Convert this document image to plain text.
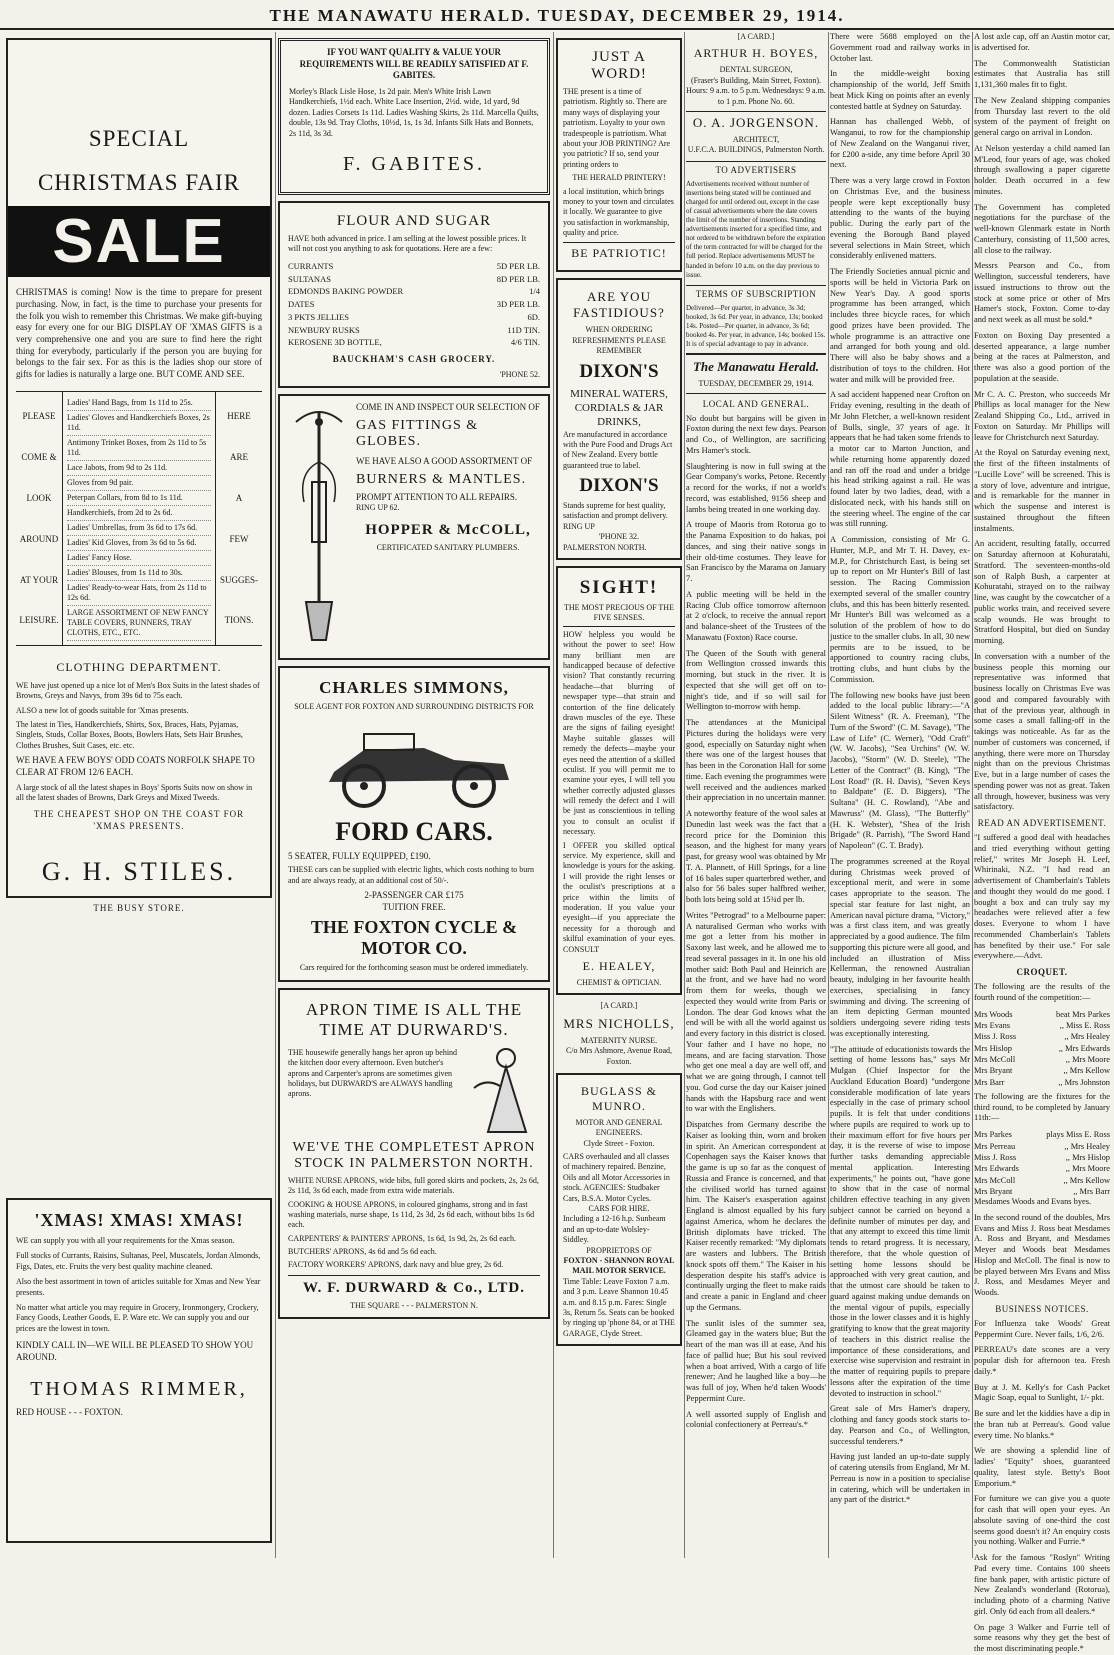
THE MANAWATU HERALD. TUESDAY, DECEMBER 29, 1914.
SPECIAL
CHRISTMAS FAIR
SALE

CHRISTMAS is coming! Now is the time to prepare for present purchasing. Now, in fact, is the time to purchase your presents for the folk you wish to remember this Christmas. We make gift-buying easy for every one for our BIG DISPLAY OF 'XMAS GIFTS is a very comprehensive one and you are sure to find here the right thing for everybody, particularly if the person you are buying for belongs to the fair sex. For as this is the ladies shop our store of gifts for ladies is naturally a large one. BUT COME AND SEE.

PLEASE
COME &
LOOK
AROUND
AT YOUR
LEISURE.
Ladies' Hand Bags, from 1s 11d to 25s.
Ladies' Gloves and Handkerchiefs Boxes, 2s 11d.
Antimony Trinket Boxes, from 2s 11d to 5s 11d.
Lace Jabots, from 9d to 2s 11d.
Gloves from 9d pair.
Peterpan Collars, from 8d to 1s 11d.
Handkerchiefs, from 2d to 2s 6d.
Ladies' Umbrellas, from 3s 6d to 17s 6d.
Ladies' Kid Gloves, from 3s 6d to 5s 6d.
Ladies' Fancy Hose.
Ladies' Blouses, from 1s 11d to 30s.
Ladies' Ready-to-wear Hats, from 2s 11d to 12s 6d.
LARGE ASSORTMENT OF NEW FANCY TABLE COVERS, RUNNERS, TRAY CLOTHS, ETC., ETC.
HERE
ARE
A
FEW
SUGGES-
TIONS.
CLOTHING DEPARTMENT.

WE have just opened up a nice lot of Men's Box Suits in the latest shades of Browns, Greys and Navys, from 39s 6d to 75s each.

ALSO a new lot of goods suitable for 'Xmas presents.

The latest in Ties, Handkerchiefs, Shirts, Sox, Braces, Hats, Pyjamas, Singlets, Studs, Collar Boxes, Boots, Bowlers Hats, Sets Hair Brushes, Clothes Brushes, Suit Cases, etc. etc.

WE HAVE A FEW BOYS' ODD COATS NORFOLK SHAPE TO CLEAR AT FROM 12/6 EACH.

A large stock of all the latest shapes in Boys' Sports Suits now on show in all the latest shades of Browns, Dark Greys and Mixed Tweeds.

THE CHEAPEST SHOP ON THE COAST FOR 'XMAS PRESENTS.

G. H. STILES.
THE BUSY STORE.
'XMAS! XMAS! XMAS!

WE can supply you with all your requirements for the Xmas season.

Full stocks of Currants, Raisins, Sultanas, Peel, Muscatels, Jordan Almonds, Figs, Dates, etc. Fruits the very best quality machine cleaned.

Also the best assortment in town of articles suitable for Xmas and New Year presents.

No matter what article you may require in Grocery, Ironmongery, Crockery, Fancy Goods, Leather Goods, E. P. Ware etc. We can supply you and our prices are the lowest in town.

KINDLY CALL IN—WE WILL BE PLEASED TO SHOW YOU AROUND.

THOMAS RIMMER,
RED HOUSE - - - FOXTON.

IF YOU WANT QUALITY & VALUE YOUR REQUIREMENTS WILL BE READILY SATISFIED AT F. GABITES.

Morley's Black Lisle Hose, 1s 2d pair. Men's White Irish Lawn Handkerchiefs, 1½d each. White Lace Insertion, 2½d. wide, 1d yard, 9d dozen. Ladies Corsets 1s 11d. Ladies Washing Skirts, 2s 11d. Marcella Quilts, double, 13s 9d. Tray Cloths, 10½d, 1s, 1s 3d. Infants Silk Hats and Bonnets, 2s 11d, 3s 3d.

F. GABITES.
FLOUR AND SUGAR

HAVE both advanced in price. I am selling at the lowest possible prices. It will not cost you anything to ask for quotations. Here are a few:

CURRANTS	5D PER LB.
SULTANAS	8D PER LB.
EDMONDS BAKING POWDER	1/4
DATES	3D PER LB.
3 PKTS JELLIES	6D.
NEWBURY RUSKS	11D TIN.
KEROSENE 3D BOTTLE,	4/6 TIN.
BAUCKHAM'S CASH GROCERY.
'PHONE 52.

COME IN AND INSPECT OUR SELECTION OF

GAS FITTINGS & GLOBES.

WE HAVE ALSO A GOOD ASSORTMENT OF

BURNERS & MANTLES.

PROMPT ATTENTION TO ALL REPAIRS.

RING UP 62.

HOPPER & McCOLL,

CERTIFICATED SANITARY PLUMBERS.

CHARLES SIMMONS,

SOLE AGENT FOR FOXTON AND SURROUNDING DISTRICTS FOR

FORD CARS.

5 SEATER, FULLY EQUIPPED, £190.

THESE cars can be supplied with electric lights, which costs nothing to burn and are always ready, at an additional cost of 50/-.

2-PASSENGER CAR £175

TUITION FREE.

THE FOXTON CYCLE & MOTOR CO.

Cars required for the forthcoming season must be ordered immediately.

APRON TIME IS ALL THE TIME AT DURWARD'S.

THE housewife generally hangs her apron up behind the kitchen door every afternoon. Even butcher's aprons and Carpenter's aprons are sometimes given holidays, but DURWARD'S are ALWAYS handling aprons.

WE'VE THE COMPLETEST APRON STOCK IN PALMERSTON NORTH.

WHITE NURSE APRONS, wide bibs, full gored skirts and pockets, 2s, 2s 6d, 2s 11d, 3s 6d each, made from extra wide materials.

COOKING & HOUSE APRONS, in coloured ginghams, strong and in fast washing materials, nurse shape, 1s 11d, 2s 3d, 2s 6d each, without bibs 1s 6d each.

CARPENTERS' & PAINTERS' APRONS, 1s 6d, 1s 9d, 2s, 2s 6d each.

BUTCHERS' APRONS, 4s 6d and 5s 6d each.

FACTORY WORKERS' APRONS, dark navy and blue grey, 2s 6d.

W. F. DURWARD & Co., LTD.

THE SQUARE - - - PALMERSTON N.

JUST A WORD!

THE present is a time of patriotism. Rightly so. There are many ways of displaying your patriotism. Loyalty to your own tradespeople is patriotism. What about your JOB PRINTING? Are you patriotic? If so, send your printing orders to

THE HERALD PRINTERY!

a local institution, which brings money to your town and circulates it locally. We guarantee to give you satisfaction in workmanship, quality and price.

BE PATRIOTIC!
ARE YOU FASTIDIOUS?

WHEN ORDERING REFRESHMENTS PLEASE REMEMBER

DIXON'S

MINERAL WATERS, CORDIALS & JAR DRINKS,

Are manufactured in accordance with the Pure Food and Drugs Act of New Zealand. Every bottle guaranteed true to label.

DIXON'S

Stands supreme for best quality, satisfaction and prompt delivery. RING UP

'PHONE 32.

PALMERSTON NORTH.

SIGHT!

THE MOST PRECIOUS OF THE FIVE SENSES.

HOW helpless you would be without the power to see! How many brilliant men are handicapped because of defective vision? That constantly recurring headache—that blurring of newspaper type—that strain and contortion of the fine delicately drawn muscles of the eye. These are the signs of failing eyesight! Maybe suitable glasses will remedy the defects—maybe your eyes need the attention of a skilled oculist. If you will permit me to examine your eyes, I will tell you whether correctly adjusted glasses will remedy the defect and I will be just as conscientious in telling you to consult an oculist if necessary.

I OFFER you skilled optical service. My experience, skill and knowledge is yours for the asking. I will provide the right lenses or the oculist's prescriptions at a price within the limits of moderation. If you value your eyesight—if you appreciate the necessity for a thorough and skilful examination of your eyes. CONSULT

E. HEALEY,

CHEMIST & OPTICIAN.

[A CARD.]
MRS NICHOLLS,

MATERNITY NURSE.

C/o Mrs Ashmore, Avenue Road, Foxton.

BUGLASS & MUNRO.

MOTOR AND GENERAL ENGINEERS.

Clyde Street - Foxton.

CARS overhauled and all classes of machinery repaired. Benzine, Oils and all Motor Accessories in stock. AGENCIES: Studbaker Cars, B.S.A. Motor Cycles.

CARS FOR HIRE.

Including a 12-16 h.p. Sunbeam and an up-to-date Wolsley-Siddley.

PROPRIETORS OF

FOXTON - SHANNON ROYAL MAIL MOTOR SERVICE.

Time Table: Leave Foxton 7 a.m. and 3 p.m. Leave Shannon 10.45 a.m. and 8.15 p.m. Fares: Single 3s, Return 5s. Seats can be booked by ringing up 'phone 84, or at THE GARAGE, Clyde Street.

[A CARD.]
ARTHUR H. BOYES,

DENTAL SURGEON,

(Fraser's Building, Main Street, Foxton).

Hours: 9 a.m. to 5 p.m. Wednesdays: 9 a.m. to 1 p.m. Phone No. 60.

O. A. JORGENSON.

ARCHITECT,

U.F.C.A. BUILDINGS, Palmerston North.

TO ADVERTISERS

Advertisements received without number of insertions being stated will be continued and charged for until ordered out, except in the case of casual advertisements where the date covers the limit of the number of insertions. Standing advertisements inserted for a specified time, and not ordered to be withdrawn before the expiration of the term contracted for will be charged for the full period. Replace advertisements MUST be handed in before 10 a.m. on the day previous to issue.

TERMS OF SUBSCRIPTION

Delivered—Per quarter, in advance, 3s 3d; booked, 3s 6d. Per year, in advance, 13s; booked 14s. Posted—Per quarter, in advance, 3s 6d; booked 4s. Per year, in advance, 14s; booked 15s. It is of special advantage to pay in advance.

The Manawatu Herald.

TUESDAY, DECEMBER 29, 1914.

LOCAL AND GENERAL.

No doubt but bargains will be given in Foxton during the next few days. Pearson and Co., of Wellington, are sacrificing Mrs Hamer's stock.

Slaughtering is now in full swing at the Gear Company's works, Petone. Recently a record for the works, if not a world's record, was established, 9156 sheep and lambs being treated in one working day.

A troupe of Maoris from Rotorua go to the Panama Exposition to do hakas, poi dances, and sing their native songs in their old-time costumes. They leave for San Francisco by the Marama on January 7.

A public meeting will be held in the Racing Club office tomorrow afternoon at 2 o'clock, to receive the annual report and balance-sheet of the Trustees of the Manawatu (Foxton) Race course.

The Queen of the South with general from Wellington crossed inwards this morning, but stuck in the river. It is expected that she will get off on to-night's tide, and if so will sail for Wellington to-morrow with hemp.

The attendances at the Municipal Pictures during the holidays were very good, especially on Saturday night when there was one of the largest houses that has been in the Coronation Hall for some time. Each evening the programmes were well received and the audiences marked their appreciation in no uncertain manner.

A noteworthy feature of the wool sales at Dunedin last week was the fact that a record price for the Dominion this season, and the highest for many years past, for greasy wool was obtained by Mr T. A. Plannett, of Hill Springs, for a line of 16 bales super quarterbred wether, and also for 56 bales super halfbred wether, both lots being sold at 15¾d per lb.

Writes "Petrograd" to a Melbourne paper: A naturalised German who works with me got a letter from his mother in Saxony last week, and he allowed me to read several passages in it. In one his old mother said: Both Paul and Heinrich are at the front, and we have had no word from them for weeks, though we expected they would write from Paris or London. The dear God knows what the end will be with all the world against us and every factory in this district is closed. Your father and I have no hope, no means, and are facing starvation. Those who get one meal a day are well off, and what we are going through, I cannot tell you. God curse the day our Kaiser joined hands with the Hapsburg race and went to war with the Englishers.

Dispatches from Germany describe the Kaiser as looking thin, worn and broken in spirit. An American correspondent at Copenhagen says the Kaiser knows that the game is up so far as the conquest of Russia and France is concerned, and that the civilised world has turned against him. The Kaiser's exasperation against England is almost equalled by his fury against America, whom he declares the British diplomats have tricked. The Kaiser recently remarked: "My diplomats are wasters and lubbers. The British knock spots off them." The Kaiser in his desperation despite his staff's advice is continually urging the fleet to make raids and create a panic in England and cheer up the Germans.

The sunlit isles of the summer sea, Gleamed gay in the waters blue; But the heart of the man was ill at ease, And his face of pallid hue; But his soul revived when a boat arrived, With a cargo of life renewer; And he laughed like a boy—he was full of joy, When he'd taken Woods' Peppermint Cure.

A well assorted supply of English and colonial confectionery at Perreau's.*

There were 5688 employed on the Government road and railway works in October last.

In the middle-weight boxing championship of the world, Jeff Smith beat Mick King on points after an evenly contested battle at Sydney on Saturday.

Hannan has challenged Webb, of Wanganui, to row for the championship of New Zealand on the Wanganui river, for £200 a-side, any time before April 30 next.

There was a very large crowd in Foxton on Christmas Eve, and the business people were kept exceptionally busy attending to the wants of the buying public. During the early part of the evening the Borough Band played several selections in Main Street, which considerably enlivened matters.

The Friendly Societies annual picnic and sports will be held in Victoria Park on New Year's Day. A good sports programme has been arranged, which includes three bicycle races, for which good prizes have been provided. The whole programme is an attractive one and arranged for both young and old. There will also be baby shows and a distribution of toys to the children. Hot water and milk will be provided free.

A sad accident happened near Crofton on Friday evening, resulting in the death of Mr John Fletcher, a well-known resident of Bulls, single, 37 years of age. It appears that he had taken some friends to a motor car to Marton Junction, and while returning home apparently dozed and ran off the road and under a bridge his head striking against a rail. He was found later by two ladies, dead, with a dislocated neck, with his hands still on the steering wheel. The engine of the car was still running.

A Commission, consisting of Mr G. Hunter, M.P., and Mr T. H. Davey, ex-M.P., for Christchurch East, is being set up to report on Mr Hunter's Bill of last session. The Racing Commission exempted several of the smaller country clubs, and this has been bitterly resented. Mr Hunter's Bill was welcomed as a solution of the problem of how to do justice to the smaller clubs. In all, 30 new permits are to be issued, to be apportioned to country racing clubs, trotting clubs, and hunt clubs by the Commission.

The following new books have just been added to the local public library:—"A Silent Witness" (R. A. Freeman), "The Turn of the Sword" (C. M. Savage), "The Law of Life" (C. Werner), "Odd Craft" (W. W. Jacobs), "Sea Urchins" (W. W. Jacobs), "Storm" (W. D. Steele), "The Letter of the Contract" (B. King), "The Lost Road" (R. H. Davis), "Seven Keys to Baldpate" (E. D. Biggers), "The Sultana" (H. C. Rowland), "Abe and Mawruss" (M. Glass), "The Butterfly" (H. K. Webster), "Shea of the Irish Brigade" (R. Parrish), "The Sword Hand of Napoleon" (C. T. Brady).

The programmes screened at the Royal during Christmas week proved of exceptional merit, and were in some cases appropriate to the season. The special star feature for last night, an American naval picture drama, "Victory," was a first class item, and was greatly appreciated by a good audience. The film supporting this picture were all good, and included an illustration of Miss Kellerman, the renowned Australian beauty, indulging in her favourite health exercises, specialising in fancy swimming and diving. The screening of an item depicting German mounted soldiers undergoing severe riding tests was exceptionally interesting.

"The attitude of educationists towards the setting of home lessons has," says Mr Mulgan (Chief Inspector for the Auckland Education Board) "undergone considerable modification of late years especially in the case of primary school pupils. It is felt that under conditions where pupils are required to work up to their maximum effort for five hours per day, it is the reverse of wise to impose further tasks demanding appreciable mental application. Interesting experiments," he points out, "have gone to show that in the case of normal children effective teaching in any given subject cannot be carried on beyond a definite number of minutes per day, and that any attempt to exceed this time limit tends to retard progress. It is necessary, therefore, that the whole question of setting home lessons should be approached with very great caution, and that the utmost care should be taken to guard against making undue demands on the mental vigour of pupils, especially those in the lower classes and it is highly gratifying to know that the great majority of teachers in this district realise the importance of these considerations, and exercise wise supervision and restraint in the matter of requiring pupils to prepare lessons after the expiration of the time devoted to instruction in school."

Great sale of Mrs Hamer's drapery, clothing and fancy goods stock starts to-day. Pearson and Co., of Wellington, successful tenderers.*

Having just landed an up-to-date supply of catering utensils from England, Mr M. Perreau is now in a position to specialise in catering, which will be undertaken in any part of the district.*

A lost axle cap, off an Austin motor car, is advertised for.

The Commonwealth Statistician estimates that Australia has still 1,131,360 males fit to fight.

The New Zealand shipping companies from Thursday last revert to the old system of the payment of freight on general cargo on arrival in London.

At Nelson yesterday a child named Ian M'Leod, four years of age, was choked through swallowing a paper cigarette holder. Death occurred in a few minutes.

The Government has completed negotiations for the purchase of the well-known Glenmark estate in North Canterbury, consisting of 11,500 acres, all close to the railway.

Messrs Pearson and Co., from Wellington, successful tenderers, have issued instructions to throw out the stock at some price or other of Mrs Hamer's stock, Foxton. Come to-day and next week as all must be sold.*

Foxton on Boxing Day presented a deserted appearance, a large number being at the races at Palmerston, and there was also a good portion of the population at the seaside.

Mr C. A. C. Preston, who succeeds Mr Phillips as local manager for the New Zealand Shipping Co., Ltd., arrived in Foxton on Saturday. Mr Phillips will leave for Christchurch next Saturday.

At the Royal on Saturday evening next, the first of the fifteen instalments of "Lucille Love" will be screened. This is a story of love, adventure and intrigue, and is remarkable for the manner in which the suspense and interest is sustained throughout the fifteen instalments.

An accident, resulting fatally, occurred on Saturday afternoon at Kohuratahi, Stratford. The seventeen-months-old son of Ralph Bush, a carpenter at Kohuratahi, strayed on to the railway line, was caught by the cowcatcher of a public works train, and received severe scalp wounds. He was brought to Stratford Hospital, but died on Sunday morning.

In conversation with a number of the business people this morning our representative was informed that business locally on Christmas Eve was good and compared favourably with that of the previous year, although in some cases a small falling-off in the takings was noticeable. As far as the number of customers was concerned, if anything, there were more on Thursday night than on the previous Christmas Eve, but in a large number of cases the spending power was not as great. Taken all through, however, business was very satisfactory.

READ AN ADVERTISEMENT.

"I suffered a good deal with headaches and tried everything without getting relief," writes Mr Joseph H. Leef, Whirinaki, N.Z. "I had read an advertisement of Chamberlain's Tablets and thought they would do me good. I bought a box and can truly say my headaches were relieved after a few doses. Everyone to whom I have recommended Chamberlain's Tablets has benefited by their use." For sale everywhere.—Advt.

CROQUET.

The following are the results of the fourth round of the competition:—

Mrs Woods	beat Mrs Parkes
Mrs Evans	,, Miss E. Ross
Miss J. Ross	,, Mrs Healey
Mrs Hislop	,, Mrs Edwards
Mrs McColl	,, Mrs Moore
Mrs Bryant	,, Mrs Kellow
Mrs Barr	,, Mrs Johnston

The following are the fixtures for the third round, to be completed by January 11th:—

Mrs Parkes	plays Miss E. Ross
Mrs Perreau	,, Mrs Healey
Miss J. Ross	,, Mrs Hislop
Mrs Edwards	,, Mrs Moore
Mrs McColl	,, Mrs Kellow
Mrs Bryant	,, Mrs Barr

Mesdames Woods and Evans byes.

In the second round of the doubles, Mrs Evans and Miss J. Ross beat Mesdames A. Ross and Bryant, and Mesdames Meyer and Woods beat Mesdames Hislop and McColl. The final is now to be played between Mrs Evans and Miss J. Ross, and Mesdames Meyer and Woods.

BUSINESS NOTICES.

For Influenza take Woods' Great Peppermint Cure. Never fails, 1/6, 2/6.

PERREAU's date scones are a very popular dish for afternoon tea. Fresh daily.*

Buy at J. M. Kelly's for Cash Packet Magic Soap, equal to Sunlight, 1/- pkt.

Be sure and let the kiddies have a dip in the bran tub at Perreau's. Good value every time. No blanks.*

We are showing a splendid line of ladies' "Equity" shoes, guaranteed quality, latest style. Betty's Boot Emporium.*

For furniture we can give you a quote for cash that will open your eyes. An absolute saving of one-third the cost seems good doesn't it? An enquiry costs you nothing. Walker and Furrie.*

Ask for the famous "Roslyn" Writing Pad every time. Contains 100 sheets fine bank paper, with artistic picture of New Zealand's wonderland (Rotorua), including photo of a charming Native girl. Only 6d each from all dealers.*

On page 3 Walker and Furrie tell of some reasons why they get the best of the most discriminating people.*
